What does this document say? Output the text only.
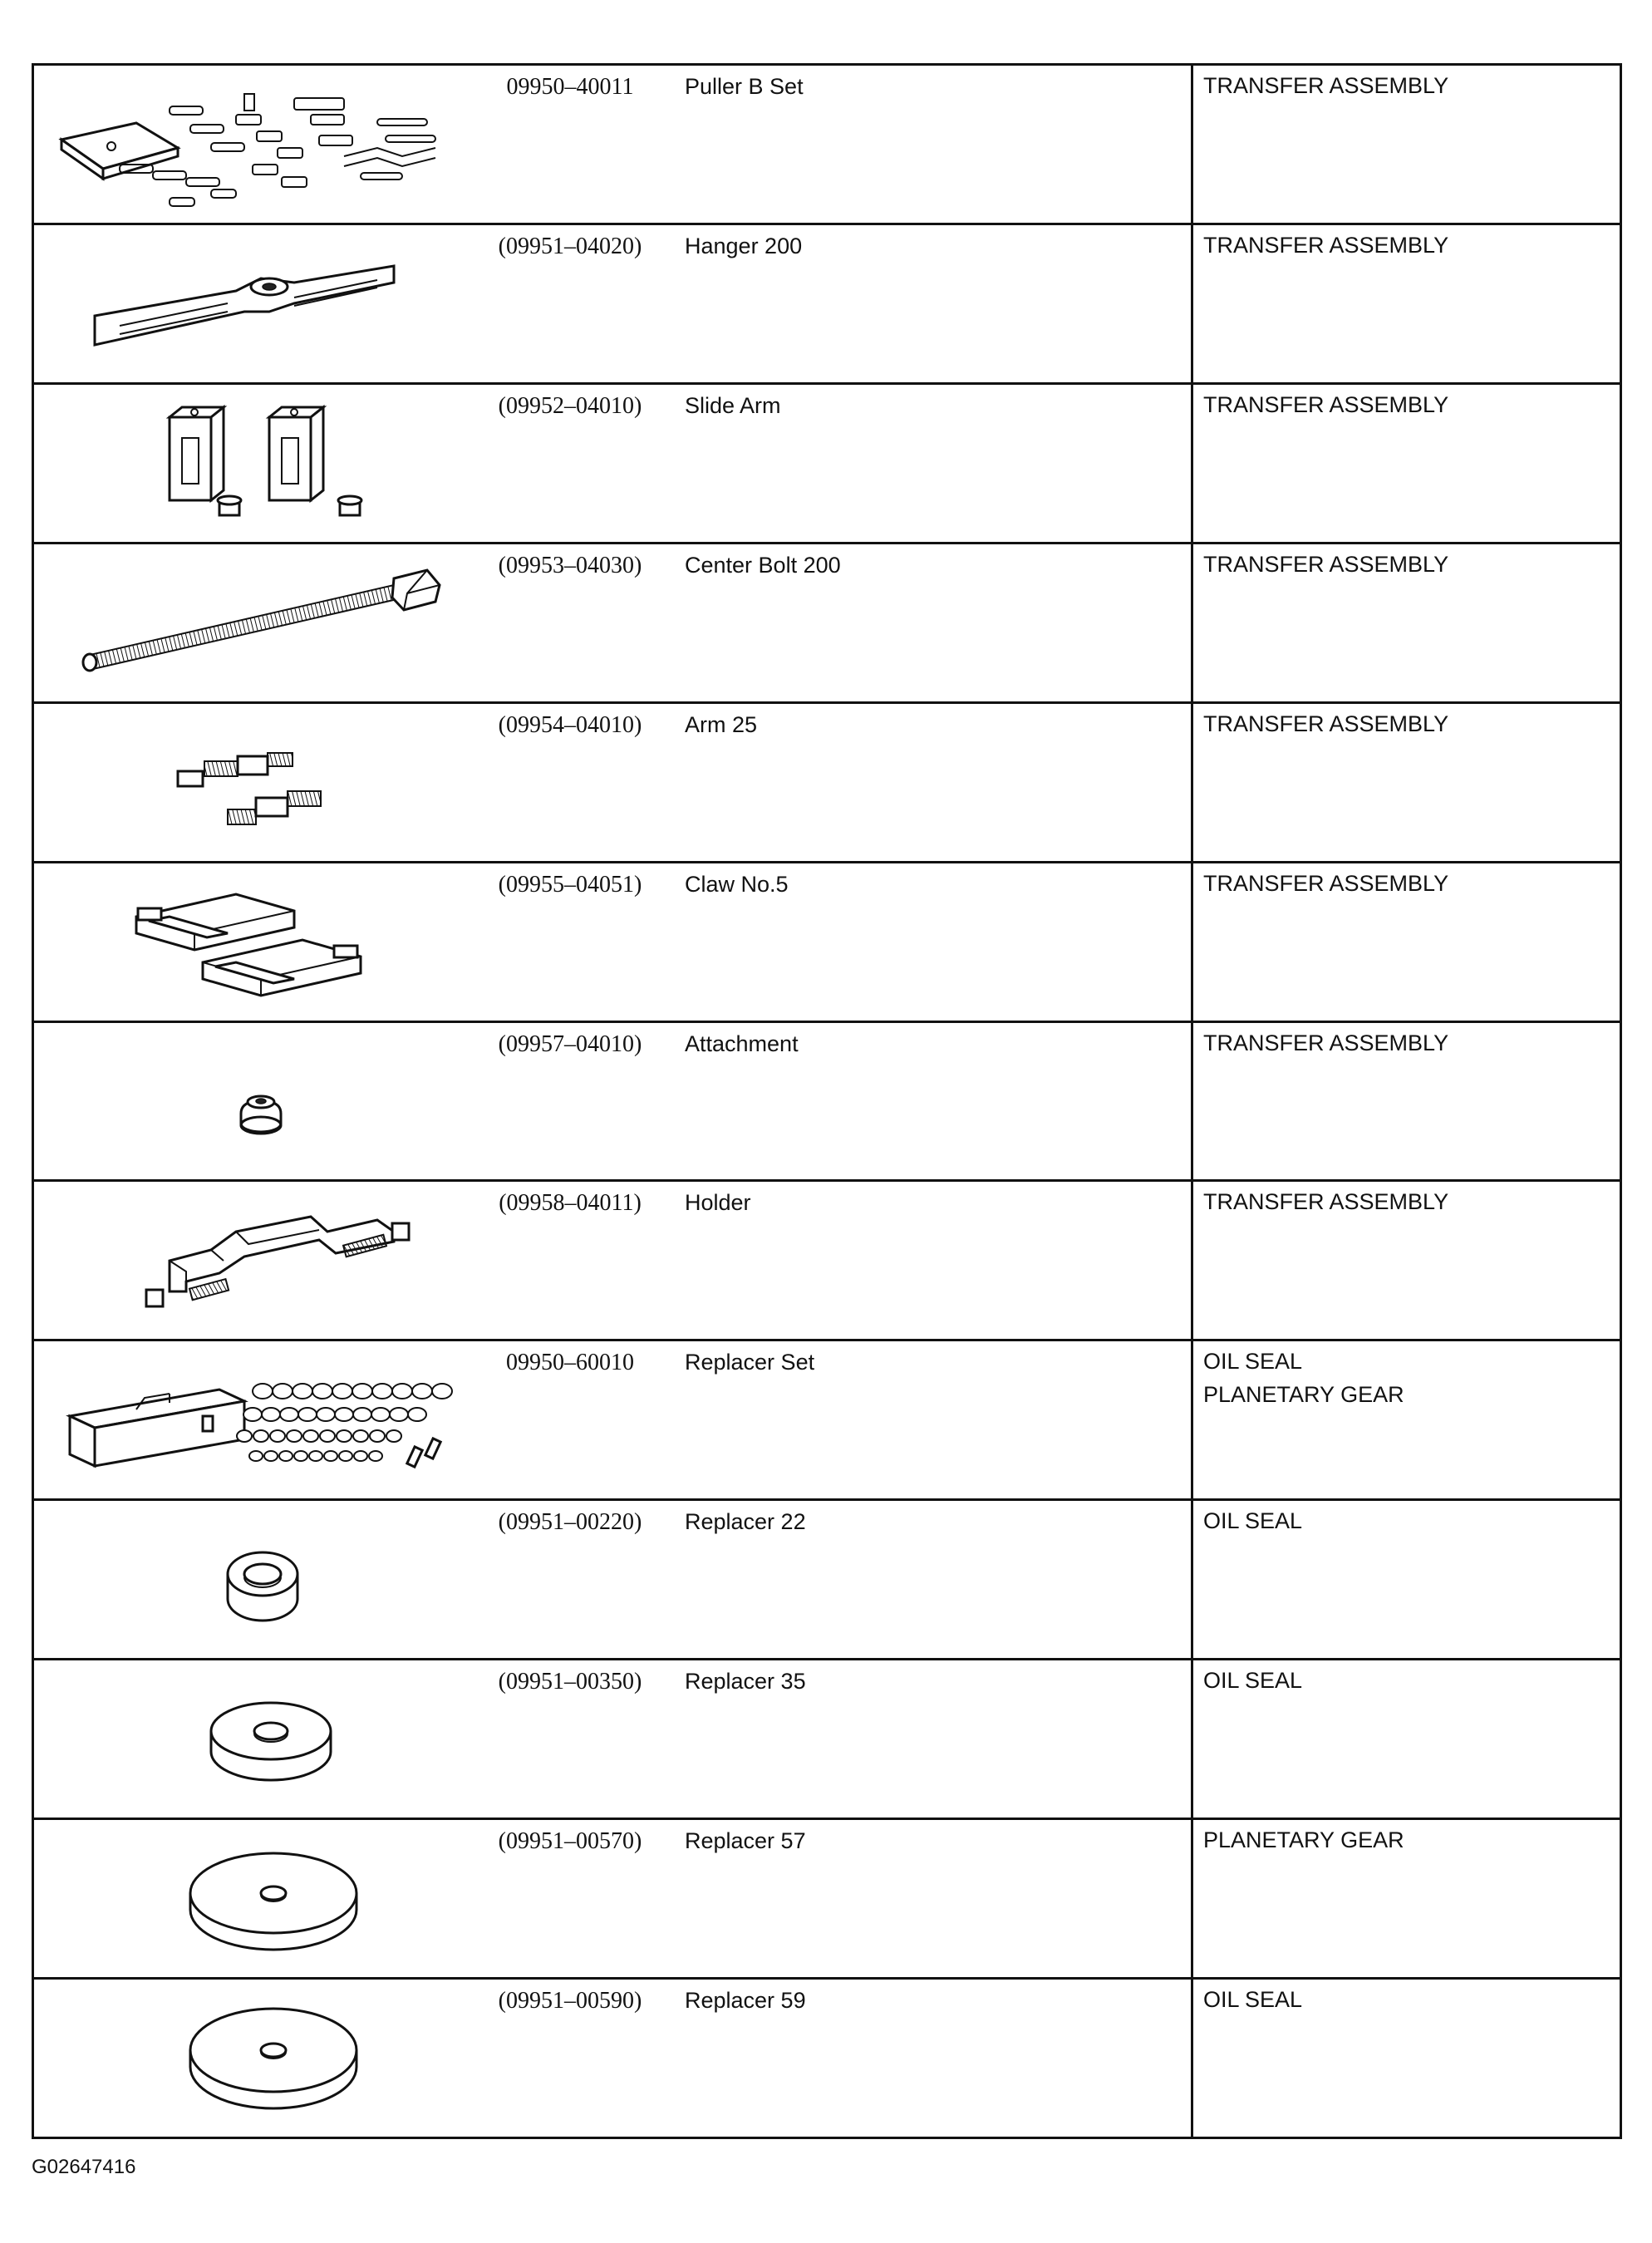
09950–40011	Puller B Set	TRANSFER ASSEMBLY
(09951–04020)	Hanger 200	TRANSFER ASSEMBLY
(09952–04010)	Slide Arm	TRANSFER ASSEMBLY
(09953–04030)	Center Bolt 200	TRANSFER ASSEMBLY
(09954–04010)	Arm 25	TRANSFER ASSEMBLY
(09955–04051)	Claw No.5	TRANSFER ASSEMBLY
(09957–04010)	Attachment	TRANSFER ASSEMBLY
(09958–04011)	Holder	TRANSFER ASSEMBLY
09950–60010	Replacer Set	OIL SEAL
PLANETARY GEAR
(09951–00220)	Replacer 22	OIL SEAL
(09951–00350)	Replacer 35	OIL SEAL
(09951–00570)	Replacer 57	PLANETARY GEAR
(09951–00590)	Replacer 59	OIL SEAL
G02647416
